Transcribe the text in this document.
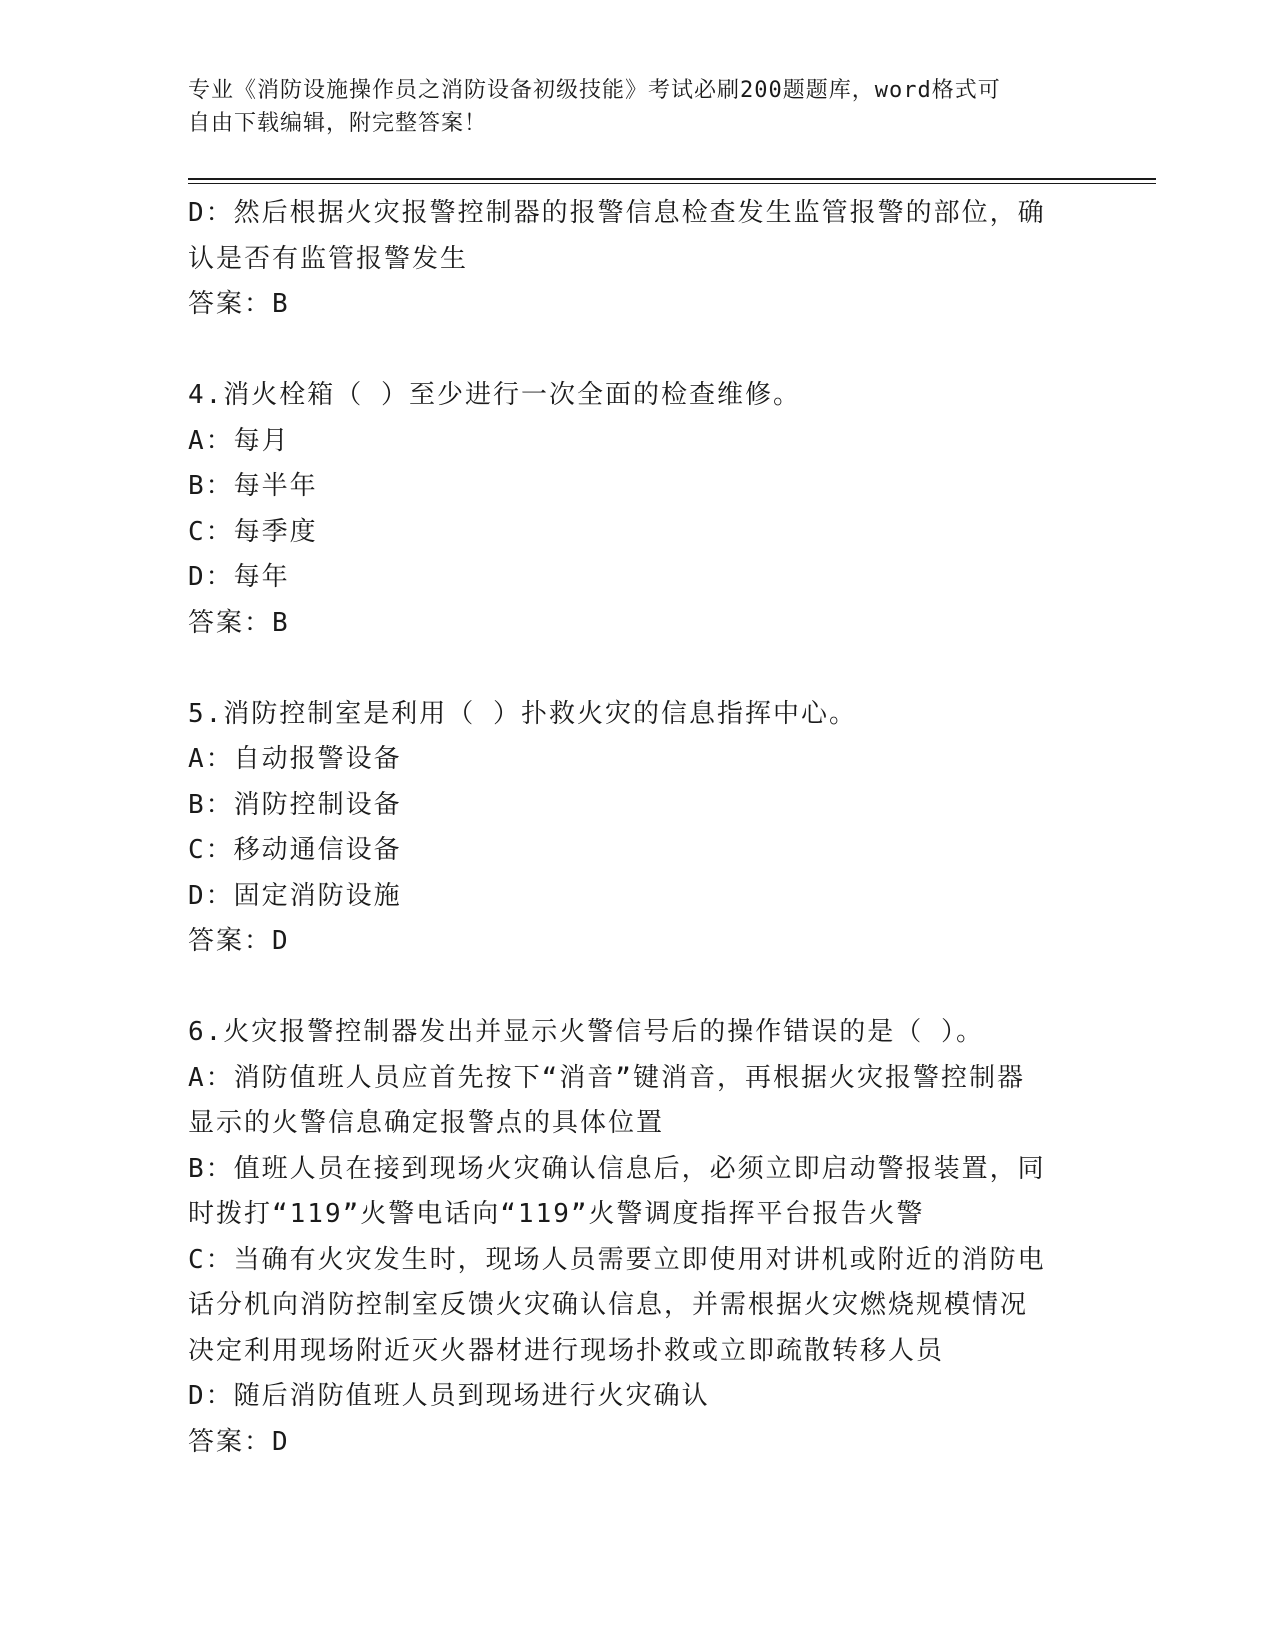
专业《消防设施操作员之消防设备初级技能》考试必刷200题题库，word格式可
自由下载编辑，附完整答案！
D：然后根据火灾报警控制器的报警信息检查发生监管报警的部位，确
认是否有监管报警发生
答案：B
4.消火栓箱（ ）至少进行一次全面的检查维修。
A：每月
B：每半年
C：每季度
D：每年
答案：B
5.消防控制室是利用（ ）扑救火灾的信息指挥中心。
A：自动报警设备
B：消防控制设备
C：移动通信设备
D：固定消防设施
答案：D
6.火灾报警控制器发出并显示火警信号后的操作错误的是（ ）。
A：消防值班人员应首先按下“消音”键消音，再根据火灾报警控制器
显示的火警信息确定报警点的具体位置
B：值班人员在接到现场火灾确认信息后，必须立即启动警报装置，同
时拨打“119”火警电话向“119”火警调度指挥平台报告火警
C：当确有火灾发生时，现场人员需要立即使用对讲机或附近的消防电
话分机向消防控制室反馈火灾确认信息，并需根据火灾燃烧规模情况
决定利用现场附近灭火器材进行现场扑救或立即疏散转移人员
D：随后消防值班人员到现场进行火灾确认
答案：D
